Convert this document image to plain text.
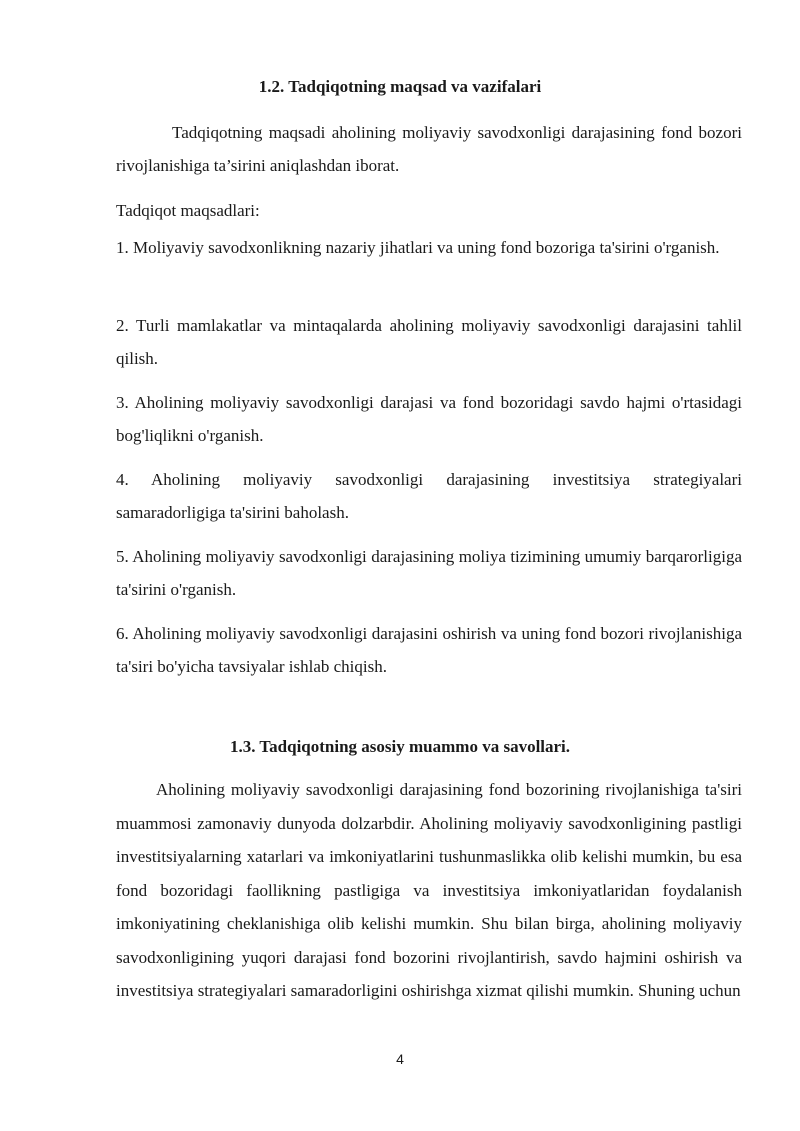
1.2. Tadqiqotning maqsad va vazifalari

Tadqiqotning maqsadi aholining moliyaviy savodxonligi darajasining fond bozori rivojlanishiga ta’sirini aniqlashdan iborat.

Tadqiqot maqsadlari:

1. Moliyaviy savodxonlikning nazariy jihatlari va uning fond bozoriga ta'sirini o'rganish.

2. Turli mamlakatlar va mintaqalarda aholining moliyaviy savodxonligi darajasini tahlil qilish.

3. Aholining moliyaviy savodxonligi darajasi va fond bozoridagi savdo hajmi o'rtasidagi bog'liqlikni o'rganish.

4. Aholining moliyaviy savodxonligi darajasining investitsiya strategiyalari samaradorligiga ta'sirini baholash.

5. Aholining moliyaviy savodxonligi darajasining moliya tizimining umumiy barqarorligiga ta'sirini o'rganish.

6. Aholining moliyaviy savodxonligi darajasini oshirish va uning fond bozori rivojlanishiga ta'siri bo'yicha tavsiyalar ishlab chiqish.

1.3. Tadqiqotning asosiy muammo va savollari.

Aholining moliyaviy savodxonligi darajasining fond bozorining rivojlanishiga ta'siri muammosi zamonaviy dunyoda dolzarbdir. Aholining moliyaviy savodxonligining pastligi investitsiyalarning xatarlari va imkoniyatlarini tushunmaslikka olib kelishi mumkin, bu esa fond bozoridagi faollikning pastligiga va investitsiya imkoniyatlaridan foydalanish imkoniyatining cheklanishiga olib kelishi mumkin. Shu bilan birga, aholining moliyaviy savodxonligining yuqori darajasi fond bozorini rivojlantirish, savdo hajmini oshirish va investitsiya strategiyalari samaradorligini oshirishga xizmat qilishi mumkin. Shuning uchun

4
